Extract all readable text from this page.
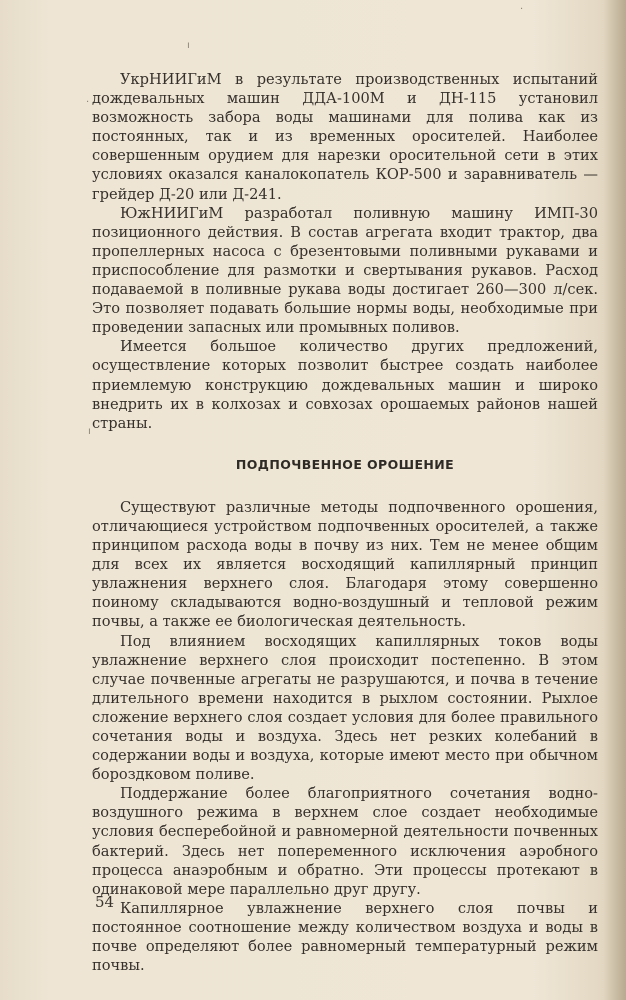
ı
·
·
ı

УкрНИИГиМ в результате производственных испытаний дождевальных машин ДДА-100М и ДН-115 установил возможность забора воды машинами для полива как из постоянных, так и из временных оросителей. Наиболее совершенным орудием для нарезки оросительной сети в этих условиях оказался каналокопатель КОР-500 и заравниватель — грейдер Д-20 или Д-241.

ЮжНИИГиМ разработал поливную машину ИМП-30 позиционного действия. В состав агрегата входит трактор, два пропеллерных насоса с брезентовыми поливными рукавами и приспособление для размотки и свертывания рукавов. Расход подаваемой в поливные рукава воды достигает 260—300 л/сек. Это позволяет подавать большие нормы воды, необходимые при проведении запасных или промывных поливов.

Имеется большое количество других предложений, осуществление которых позволит быстрее создать наиболее приемлемую конструкцию дождевальных машин и широко внедрить их в колхозах и совхозах орошаемых районов нашей страны.

ПОДПОЧВЕННОЕ ОРОШЕНИЕ

Существуют различные методы подпочвенного орошения, отличающиеся устройством подпочвенных оросителей, а также принципом расхода воды в почву из них. Тем не менее общим для всех их является восходящий капиллярный принцип увлажнения верхнего слоя. Благодаря этому совершенно поиному складываются водно-воздушный и тепловой режим почвы, а также ее биологическая деятельность.

Под влиянием восходящих капиллярных токов воды увлажнение верхнего слоя происходит постепенно. В этом случае почвенные агрегаты не разрушаются, и почва в течение длительного времени находится в рыхлом состоянии. Рыхлое сложение верхнего слоя создает условия для более правильного сочетания воды и воздуха. Здесь нет резких колебаний в содержании воды и воздуха, которые имеют место при обычном бороздковом поливе.

Поддержание более благоприятного сочетания водно-воздушного режима в верхнем слое создает необходимые условия бесперебойной и равномерной деятельности почвенных бактерий. Здесь нет попеременного исключения аэробного процесса анаэробным и обратно. Эти процессы протекают в одинаковой мере параллельно друг другу.

Капиллярное увлажнение верхнего слоя почвы и постоянное соотношение между количеством воздуха и воды в почве определяют более равномерный температурный режим почвы.

54
